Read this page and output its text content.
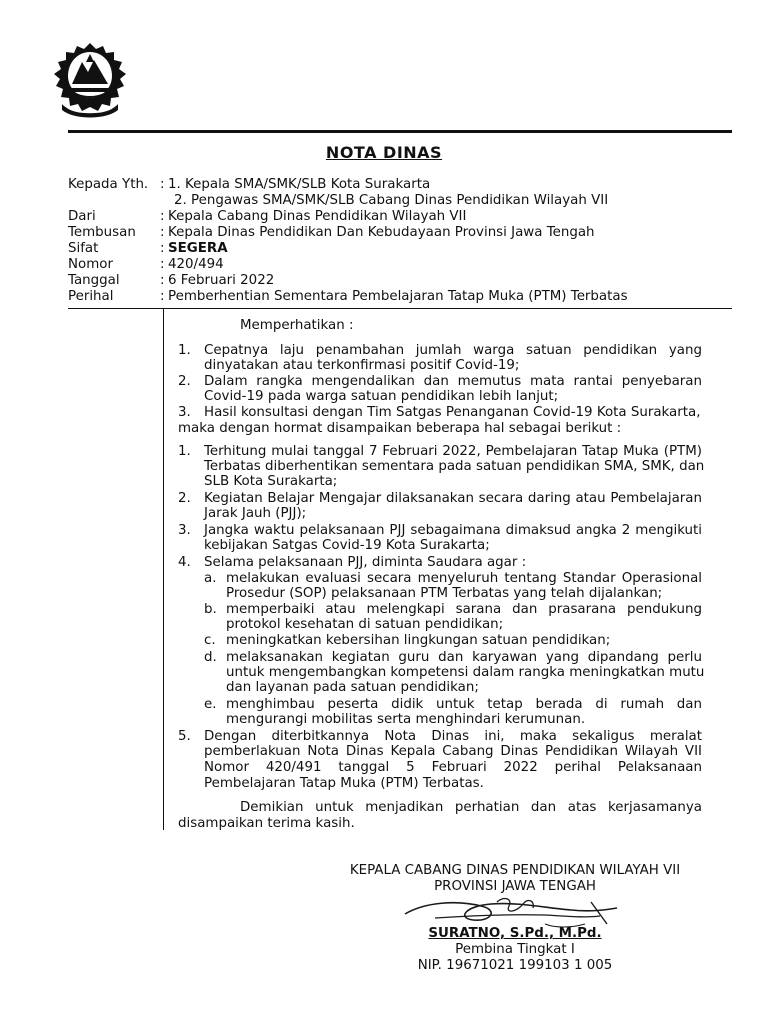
NOTA DINAS
Kepada Yth. : 1. Kepala SMA/SMK/SLB Kota Surakarta
2. Pengawas SMA/SMK/SLB Cabang Dinas Pendidikan Wilayah VII
Dari	: Kepala Cabang Dinas Pendidikan Wilayah VII
Tembusan	: Kepala Dinas Pendidikan Dan Kebudayaan Provinsi Jawa Tengah
Sifat	: SEGERA
Nomor	: 420/494
Tanggal	: 6 Februari 2022
Perihal	: Pemberhentian Sementara Pembelajaran Tatap Muka (PTM) Terbatas
Memperhatikan :
1. Cepatnya laju penambahan jumlah warga satuan pendidikan yang
dinyatakan atau terkonfirmasi positif Covid-19;
2. Dalam rangka mengendalikan dan memutus mata rantai penyebaran
Covid-19 pada warga satuan pendidikan lebih lanjut;
3. Hasil konsultasi dengan Tim Satgas Penanganan Covid-19 Kota Surakarta,
maka dengan hormat disampaikan beberapa hal sebagai berikut :
1. Terhitung mulai tanggal 7 Februari 2022, Pembelajaran Tatap Muka (PTM)
Terbatas diberhentikan sementara pada satuan pendidikan SMA, SMK, dan
SLB Kota Surakarta;
2. Kegiatan Belajar Mengajar dilaksanakan secara daring atau Pembelajaran
Jarak Jauh (PJJ);
3. Jangka waktu pelaksanaan PJJ sebagaimana dimaksud angka 2 mengikuti
kebijakan Satgas Covid-19 Kota Surakarta;
4. Selama pelaksanaan PJJ, diminta Saudara agar :
a. melakukan evaluasi secara menyeluruh tentang Standar Operasional
Prosedur (SOP) pelaksanaan PTM Terbatas yang telah dijalankan;
b. memperbaiki atau melengkapi sarana dan prasarana pendukung
protokol kesehatan di satuan pendidikan;
c. meningkatkan kebersihan lingkungan satuan pendidikan;
d. melaksanakan kegiatan guru dan karyawan yang dipandang perlu
untuk mengembangkan kompetensi dalam rangka meningkatkan mutu
dan layanan pada satuan pendidikan;
e. menghimbau peserta didik untuk tetap berada di rumah dan
mengurangi mobilitas serta menghindari kerumunan.
5. Dengan diterbitkannya Nota Dinas ini, maka sekaligus meralat
pemberlakuan Nota Dinas Kepala Cabang Dinas Pendidikan Wilayah VII
Nomor 420/491 tanggal 5 Februari 2022 perihal Pelaksanaan
Pembelajaran Tatap Muka (PTM) Terbatas.
Demikian untuk menjadikan perhatian dan atas kerjasamanya
disampaikan terima kasih.
KEPALA CABANG DINAS PENDIDIKAN WILAYAH VII
PROVINSI JAWA TENGAH
SURATNO, S.Pd., M.Pd.
Pembina Tingkat I
NIP. 19671021 199103 1 005
